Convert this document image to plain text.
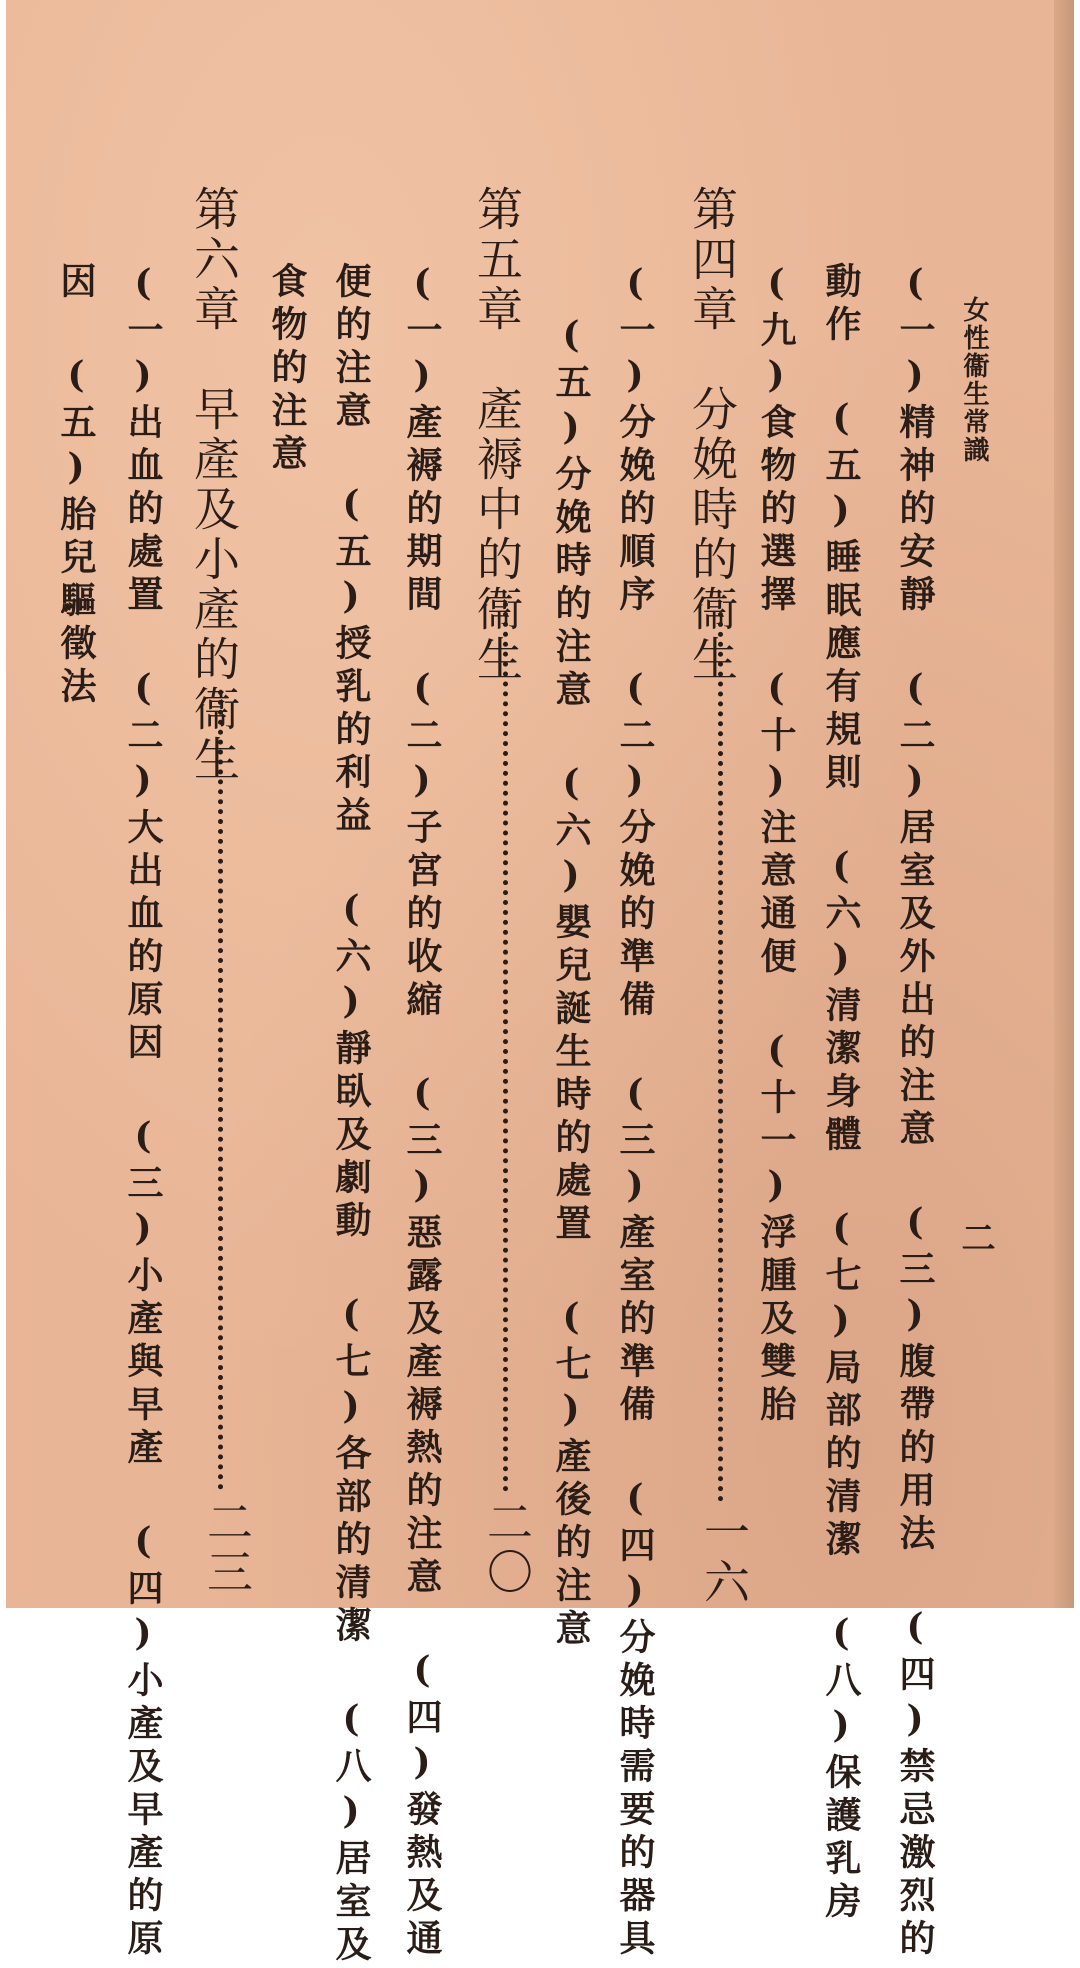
女性衞生常識
二
(一)精神的安靜 (二)居室及外出的注意 (三)腹帶的用法 (四)禁忌激烈的
動作 (五)睡眠應有規則 (六)清潔身體 (七)局部的清潔 (八)保護乳房
(九)食物的選擇 (十)注意通便 (十一)浮腫及雙胎
第四章　分娩時的衞生
一六
(一)分娩的順序 (二)分娩的準備 (三)產室的準備 (四)分娩時需要的器具
(五)分娩時的注意 (六)嬰兒誕生時的處置 (七)產後的注意
第五章　產褥中的衞生
二〇
(一)產褥的期間 (二)子宮的收縮 (三)惡露及產褥熱的注意 (四)發熱及通
便的注意 (五)授乳的利益 (六)靜臥及劇動 (七)各部的清潔 (八)居室及
食物的注意
第六章　早產及小產的衞生
二三
(一)出血的處置 (二)大出血的原因 (三)小產與早產 (四)小產及早產的原
因 (五)胎兒驅徵法
